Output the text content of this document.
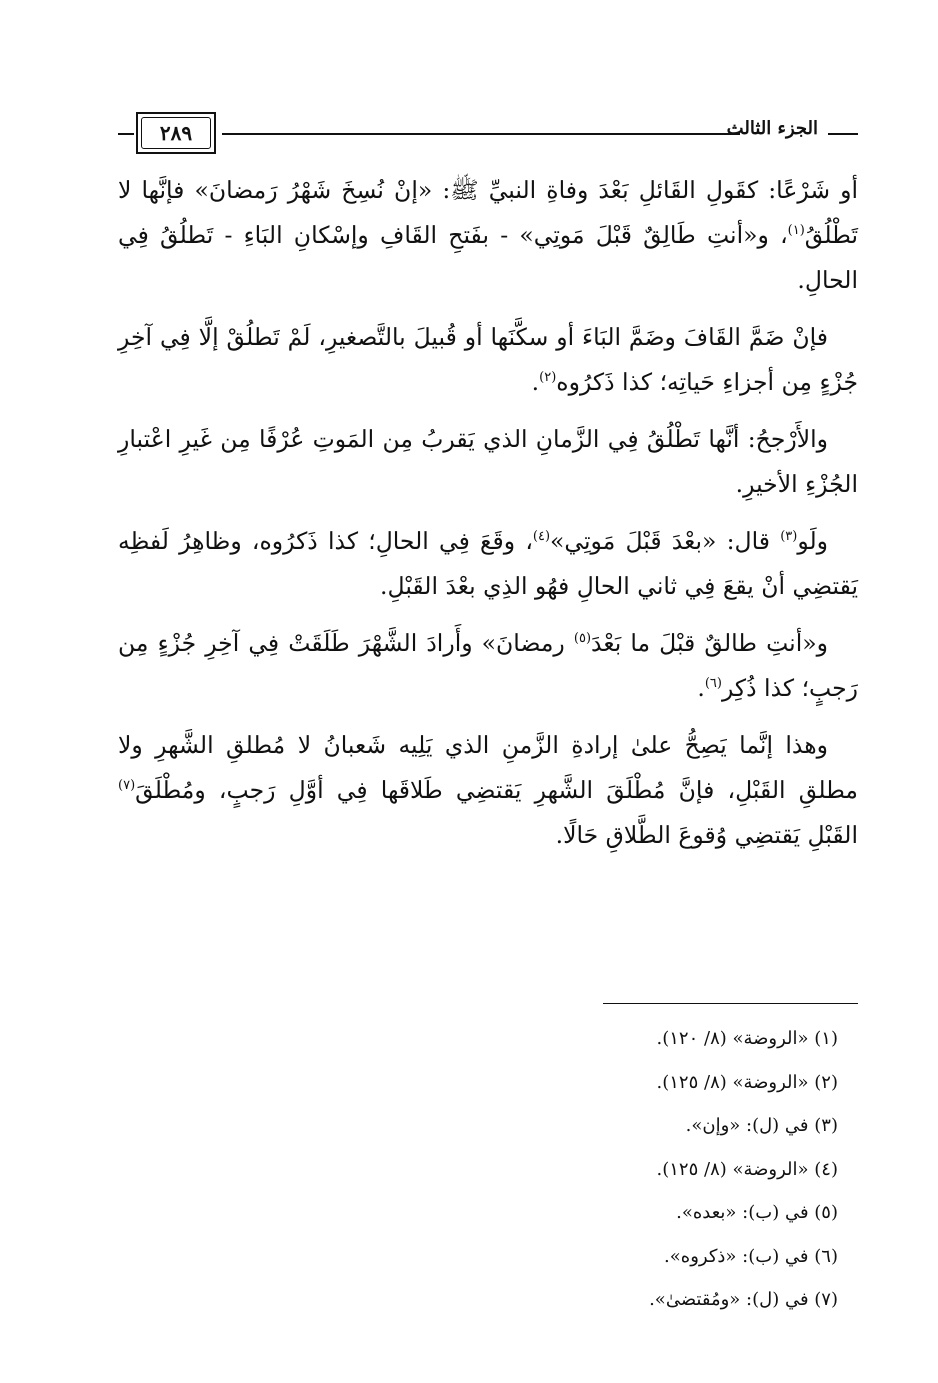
الجزء الثالث
٢٨٩

أو شَرْعًا: كقَولِ القَائلِ بَعْدَ وفاةِ النبيِّ ﷺ: «إنْ نُسِخَ شَهْرُ رَمضانَ» فإنَّها لا تَطْلُقُ$^{(١)}$، و«أنتِ طَالِقٌ قَبْلَ مَوتِي» - بفَتحِ القَافِ وإسْكانِ البَاءِ - تَطلُقُ فِي الحالِ.

فإنْ ضَمَّ القَافَ وضَمَّ البَاءَ أو سكَّنَها أو قُبيلَ بالتَّصغيرِ، لَمْ تَطلُقْ إلَّا فِي آخِرِ جُزْءٍ مِن أجزاءِ حَياتِه؛ كذا ذَكرُوه$^{(٢)}$.

والأَرْجحُ: أنَّها تَطْلُقُ فِي الزَّمانِ الذي يَقربُ مِن المَوتِ عُرْفًا مِن غَيرِ اعْتبارِ الجُزْءِ الأخيرِ.

ولَو$^{(٣)}$ قال: «بعْدَ قَبْلَ مَوتِي»$^{(٤)}$، وقَعَ فِي الحالِ؛ كذا ذَكرُوه، وظاهِرُ لَفظِه يَقتضِي أنْ يقعَ فِي ثاني الحالِ فهُو الذِي بعْدَ القَبْلِ.

و«أنتِ طالقٌ قبْلَ ما بَعْدَ$^{(٥)}$ رمضانَ» وأَرادَ الشَّهْرَ طَلَقَتْ فِي آخِرِ جُزْءٍ مِن رَجبٍ؛ كذا ذُكِر$^{(٦)}$.

وهذا إنَّما يَصِحُّ علىٰ إرادةِ الزَّمنِ الذي يَلِيه شَعبانُ لا مُطلقِ الشَّهرِ ولا مطلقِ القَبْلِ، فإنَّ مُطْلَقَ الشَّهرِ يَقتضِي طَلاقَها فِي أوَّلِ رَجبٍ، ومُطْلَقَ$^{(٧)}$ القَبْلِ يَقتضِي وُقوعَ الطَّلاقِ حَالًا.

(١) «الروضة» (٨/ ١٢٠).
(٢) «الروضة» (٨/ ١٢٥).
(٣) في (ل): «وإن».
(٤) «الروضة» (٨/ ١٢٥).
(٥) في (ب): «بعده».
(٦) في (ب): «ذكروه».
(٧) في (ل): «ومُقتضىٰ».
